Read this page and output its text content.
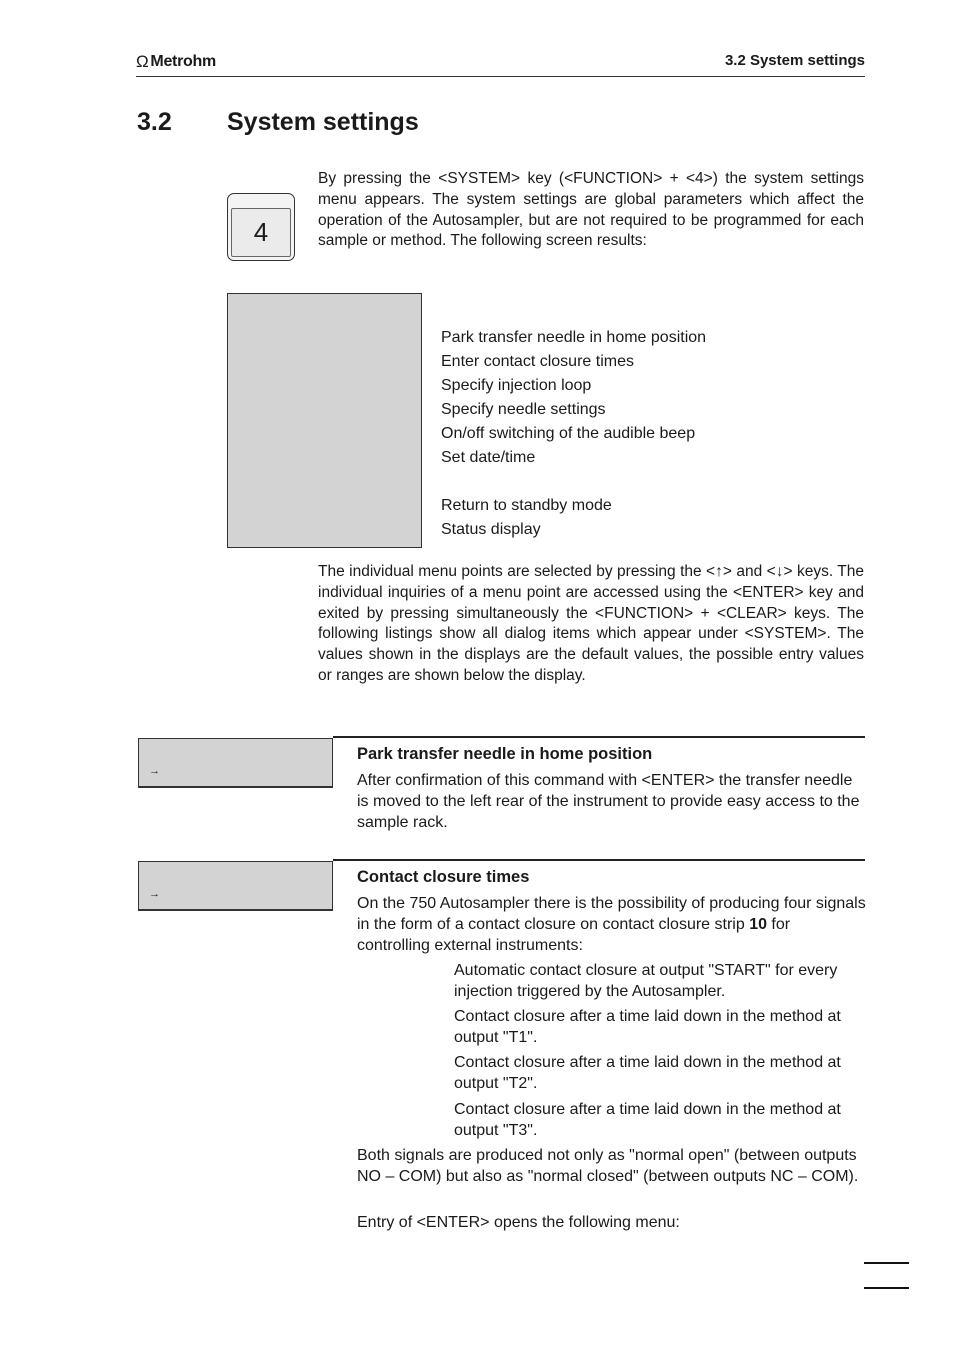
Ω Metrohm	3.2 System settings
3.2 System settings
4

By pressing the <SYSTEM> key (<FUNCTION> + <4>) the system settings menu appears. The system settings are global parameters which affect the operation of the Autosampler, but are not required to be programmed for each sample or method. The following screen results:

Park transfer needle in home position
Enter contact closure times
Specify injection loop
Specify needle settings
On/off switching of the audible beep
Set date/time
Return to standby mode
Status display

The individual menu points are selected by pressing the <↑> and <↓> keys. The individual inquiries of a menu point are accessed using the <ENTER> key and exited by pressing simultaneously the <FUNCTION> + <CLEAR> keys. The following listings show all dialog items which appear under <SYSTEM>. The values shown in the displays are the default values, the possible entry values or ranges are shown below the display.

→
Park transfer needle in home position

After confirmation of this command with <ENTER> the transfer needle is moved to the left rear of the instrument to provide easy access to the sample rack.

→
Contact closure times

On the 750 Autosampler there is the possibility of producing four signals in the form of a contact closure on contact closure strip 10 for controlling external instruments:

Automatic contact closure at output "START" for every injection triggered by the Autosampler.

Contact closure after a time laid down in the method at output "T1".

Contact closure after a time laid down in the method at output "T2".

Contact closure after a time laid down in the method at output "T3".

Both signals are produced not only as "normal open" (between outputs NO – COM) but also as "normal closed" (between outputs NC – COM).

Entry of <ENTER> opens the following menu:
